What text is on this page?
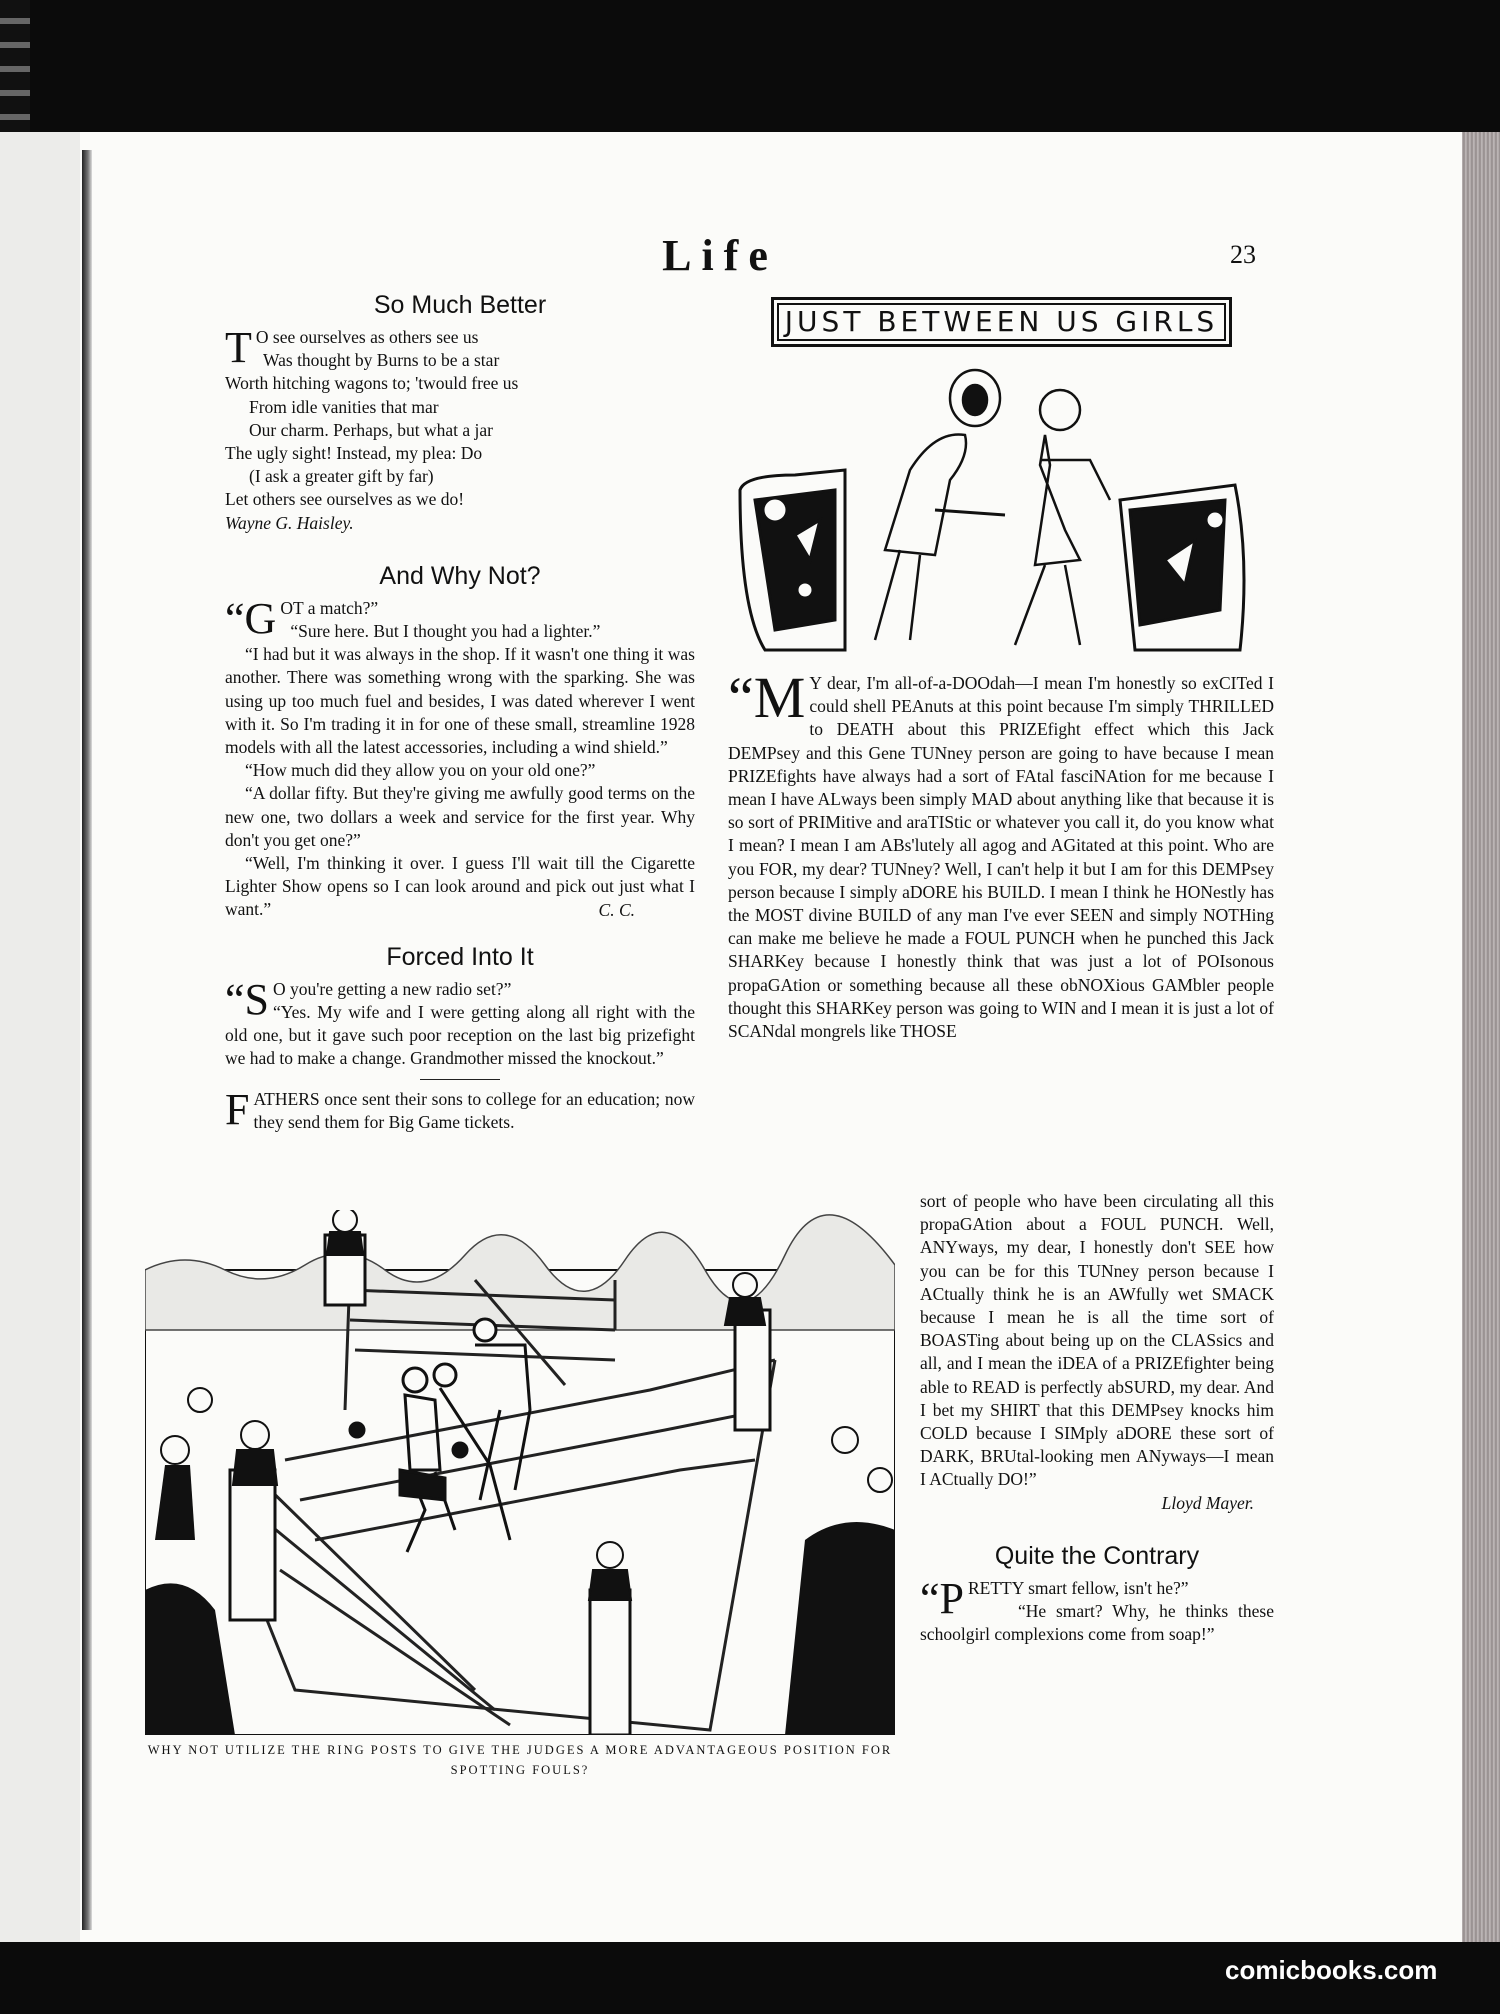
Life	23
So Much Better

T O see ourselves as others see us

Was thought by Burns to be a star

Worth hitching wagons to; 'twould free us

From idle vanities that mar

Our charm. Perhaps, but what a jar

The ugly sight! Instead, my plea: Do

(I ask a greater gift by far)

Let others see ourselves as we do!

Wayne G. Haisley.

And Why Not?

“GOT a match?”

“Sure here. But I thought you had a lighter.”

“I had but it was always in the shop. If it wasn't one thing it was another. There was something wrong with the sparking. She was using up too much fuel and besides, I was dated wherever I went with it. So I'm trading it in for one of these small, streamline 1928 models with all the latest accessories, including a wind shield.”

“How much did they allow you on your old one?”

“A dollar fifty. But they're giving me awfully good terms on the new one, two dollars a week and service for the first year. Why don't you get one?”

“Well, I'm thinking it over. I guess I'll wait till the Cigarette Lighter Show opens so I can look around and pick out just what I want.”	C. C.

Forced Into It

“S O you're getting a new radio set?”

“Yes. My wife and I were getting along all right with the old one, but it gave such poor reception on the last big prizefight we had to make a change. Grandmother missed the knockout.”

FATHERS once sent their sons to college for an education; now they send them for Big Game tickets.

JUST BETWEEN US GIRLS

“M Y dear, I'm all-of-a-DOOdah—I mean I'm honestly so exCITed I could shell PEAnuts at this point because I'm simply THRILLED to DEATH about this PRIZEfight effect which this Jack DEMPsey and this Gene TUNney person are going to have because I mean PRIZEfights have always had a sort of FAtal fasciNAtion for me because I mean I have ALways been simply MAD about anything like that because it is so sort of PRIMitive and araTIStic or whatever you call it, do you know what I mean? I mean I am ABs'lutely all agog and AGitated at this point. Who are you FOR, my dear? TUNney? Well, I can't help it but I am for this DEMPsey person because I simply aDORE his BUILD. I mean I think he HONestly has the MOST divine BUILD of any man I've ever SEEN and simply NOTHing can make me believe he made a FOUL PUNCH when he punched this Jack SHARKey because I honestly think that was just a lot of POIsonous propaGAtion or something because all these obNOXious GAMbler people thought this SHARKey person was going to WIN and I mean it is just a lot of SCANdal mongrels like THOSE

sort of people who have been circulating all this propaGAtion about a FOUL PUNCH. Well, ANYways, my dear, I honestly don't SEE how you can be for this TUNney person because I ACtually think he is an AWfully wet SMACK because I mean he is all the time sort of BOASTing about being up on the CLASsics and all, and I mean the iDEA of a PRIZEfighter being able to READ is perfectly abSURD, my dear. And I bet my SHIRT that this DEMPsey knocks him COLD because I SIMply aDORE these sort of DARK, BRUtal-looking men ANyways—I mean I ACtually DO!”

Lloyd Mayer.

Quite the Contrary

“PRETTY smart fellow, isn't he?”

“He smart? Why, he thinks these schoolgirl complexions come from soap!”

WHY NOT UTILIZE THE RING POSTS TO GIVE THE JUDGES A MORE ADVANTAGEOUS POSITION FOR SPOTTING FOULS?
comicbooks.com
